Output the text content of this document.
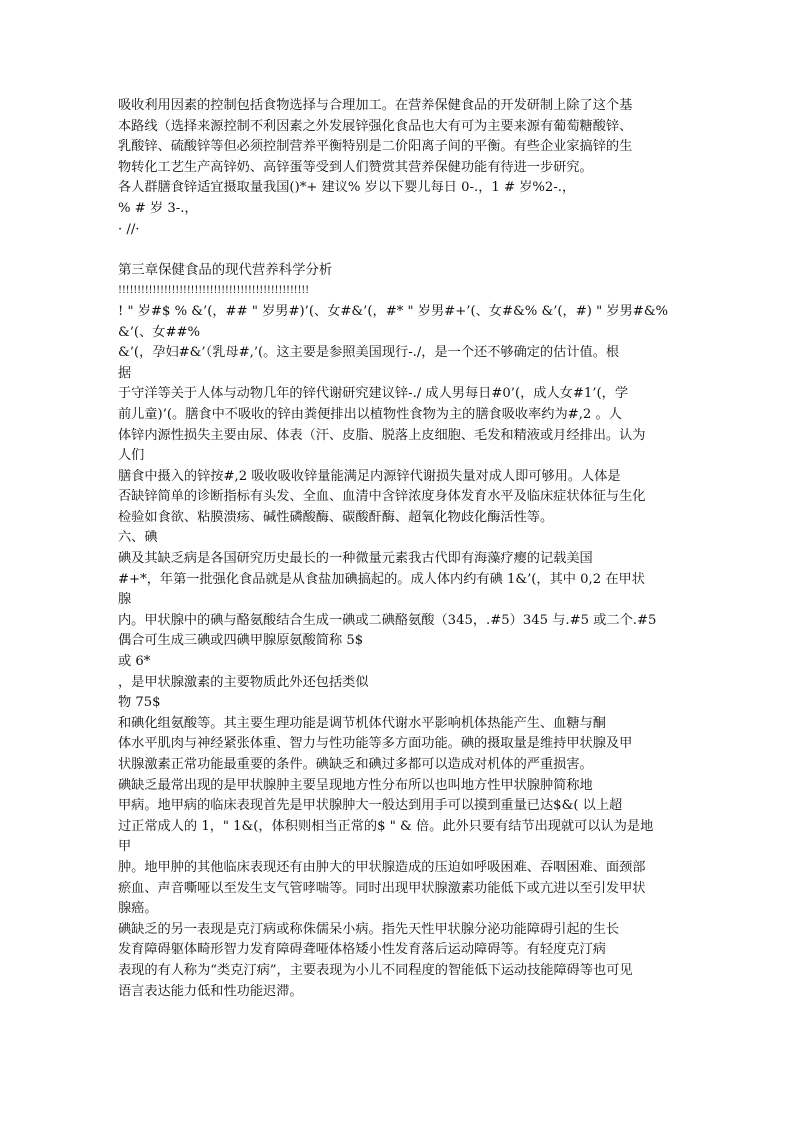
吸收利用因素的控制包括食物选择与合理加工。在营养保健食品的开发研制上除了这个基
本路线（选择来源控制不利因素之外发展锌强化食品也大有可为主要来源有葡萄糖酸锌、
乳酸锌、硫酸锌等但必须控制营养平衡特别是二价阳离子间的平衡。有些企业家搞锌的生
物转化工艺生产高锌奶、高锌蛋等受到人们赞赏其营养保健功能有待进一步研究。
各人群膳食锌适宜摄取量我国()*+ 建议% 岁以下婴儿每日 0-.，1 # 岁%2-.，
% # 岁 3-.，
· //·
第三章保健食品的现代营养科学分析
!!!!!!!!!!!!!!!!!!!!!!!!!!!!!!!!!!!!!!!!!!!!!!!!!!
! " 岁#$ % &’(，## " 岁男#)’(、女#&’(，#* " 岁男#+’(、女#&% &’(，#) " 岁男#&%
&’(、女##%
&’(，孕妇#&’（乳母#,’(。这主要是参照美国现行-./，是一个还不够确定的估计值。根
据
于守洋等关于人体与动物几年的锌代谢研究建议锌-./ 成人男每日#0’(，成人女#1’(，学
前儿童)’(。膳食中不吸收的锌由粪便排出以植物性食物为主的膳食吸收率约为#,2 。人
体锌内源性损失主要由尿、体表（汗、皮脂、脱落上皮细胞、毛发和精液或月经排出。认为
人们
膳食中摄入的锌按#,2 吸收吸收锌量能满足内源锌代谢损失量对成人即可够用。人体是
否缺锌简单的诊断指标有头发、全血、血清中含锌浓度身体发育水平及临床症状体征与生化
检验如食欲、粘膜溃疡、碱性磷酸酶、碳酸酐酶、超氧化物歧化酶活性等。
六、碘
碘及其缺乏病是各国研究历史最长的一种微量元素我古代即有海藻疗瘿的记载美国
#+*，年第一批强化食品就是从食盐加碘搞起的。成人体内约有碘 1&’(，其中 0,2 在甲状
腺
内。甲状腺中的碘与酪氨酸结合生成一碘或二碘酪氨酸（345，.#5）345 与.#5 或二个.#5
偶合可生成三碘或四碘甲腺原氨酸简称 5$
或 6*
，是甲状腺激素的主要物质此外还包括类似
物 75$
和碘化组氨酸等。其主要生理功能是调节机体代谢水平影响机体热能产生、血糖与酮
体水平肌肉与神经紧张体重、智力与性功能等多方面功能。碘的摄取量是维持甲状腺及甲
状腺激素正常功能最重要的条件。碘缺乏和碘过多都可以造成对机体的严重损害。
碘缺乏最常出现的是甲状腺肿主要呈现地方性分布所以也叫地方性甲状腺肿简称地
甲病。地甲病的临床表现首先是甲状腺肿大一般达到用手可以摸到重量已达$&( 以上超
过正常成人的 1，" 1&(，体积则相当正常的$ " & 倍。此外只要有结节出现就可以认为是地
甲
肿。地甲肿的其他临床表现还有由肿大的甲状腺造成的压迫如呼吸困难、吞咽困难、面颈部
瘀血、声音嘶哑以至发生支气管哮喘等。同时出现甲状腺激素功能低下或亢进以至引发甲状
腺癌。
碘缺乏的另一表现是克汀病或称侏儒呆小病。指先天性甲状腺分泌功能障碍引起的生长
发育障碍躯体畸形智力发育障碍聋哑体格矮小性发育落后运动障碍等。有轻度克汀病
表现的有人称为“类克汀病”，主要表现为小儿不同程度的智能低下运动技能障碍等也可见
语言表达能力低和性功能迟滞。
